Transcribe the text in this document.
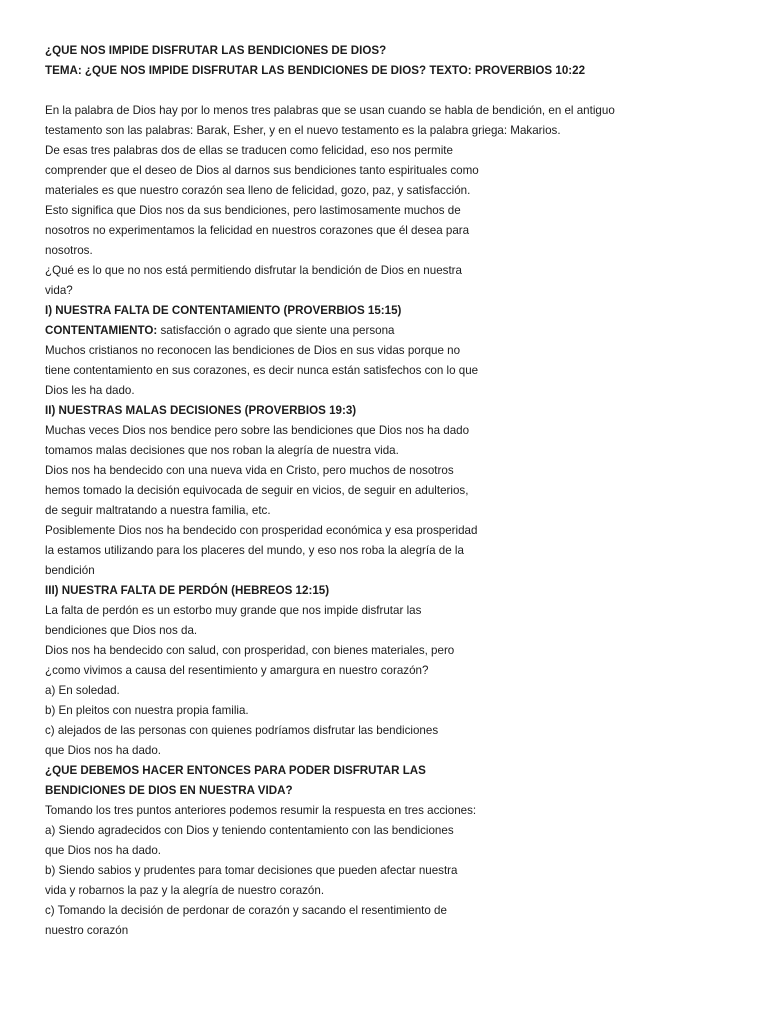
¿QUE NOS IMPIDE DISFRUTAR LAS BENDICIONES DE DIOS?
TEMA: ¿QUE NOS IMPIDE DISFRUTAR LAS BENDICIONES DE DIOS? TEXTO: PROVERBIOS 10:22
En la palabra de Dios hay por lo menos tres palabras que se usan cuando se habla de bendición, en el antiguo
testamento son las palabras: Barak, Esher, y en el nuevo testamento es la palabra griega: Makarios.
De esas tres palabras dos de ellas se traducen como felicidad, eso nos permite
comprender que el deseo de Dios al darnos sus bendiciones tanto espirituales como
materiales es que nuestro corazón sea lleno de felicidad, gozo, paz, y satisfacción.
Esto significa que Dios nos da sus bendiciones, pero lastimosamente muchos de
nosotros no experimentamos la felicidad en nuestros corazones que él desea para
nosotros.
¿Qué es lo que no nos está permitiendo disfrutar la bendición de Dios en nuestra
vida?
I) NUESTRA FALTA DE CONTENTAMIENTO (PROVERBIOS 15:15)
CONTENTAMIENTO: satisfacción o agrado que siente una persona
Muchos cristianos no reconocen las bendiciones de Dios en sus vidas porque no
tiene contentamiento en sus corazones, es decir nunca están satisfechos con lo que
Dios les ha dado.
II) NUESTRAS MALAS DECISIONES (PROVERBIOS 19:3)
Muchas veces Dios nos bendice pero sobre las bendiciones que Dios nos ha dado
tomamos malas decisiones que nos roban la alegría de nuestra vida.
Dios nos ha bendecido con una nueva vida en Cristo, pero muchos de nosotros
hemos tomado la decisión equivocada de seguir en vicios, de seguir en adulterios,
de seguir maltratando a nuestra familia, etc.
Posiblemente Dios nos ha bendecido con prosperidad económica y esa prosperidad
la estamos utilizando para los placeres del mundo, y eso nos roba la alegría de la
bendición
III) NUESTRA FALTA DE PERDÓN (HEBREOS 12:15)
La falta de perdón es un estorbo muy grande que nos impide disfrutar las
bendiciones que Dios nos da.
Dios nos ha bendecido con salud, con prosperidad, con bienes materiales, pero
¿como vivimos a causa del resentimiento y amargura en nuestro corazón?
a) En soledad.
b) En pleitos con nuestra propia familia.
c) alejados de las personas con quienes podríamos disfrutar las bendiciones
que Dios nos ha dado.
¿QUE DEBEMOS HACER ENTONCES PARA PODER DISFRUTAR LAS
BENDICIONES DE DIOS EN NUESTRA VIDA?
Tomando los tres puntos anteriores podemos resumir la respuesta en tres acciones:
a) Siendo agradecidos con Dios y teniendo contentamiento con las bendiciones
que Dios nos ha dado.
b) Siendo sabios y prudentes para tomar decisiones que pueden afectar nuestra
vida y robarnos la paz y la alegría de nuestro corazón.
c) Tomando la decisión de perdonar de corazón y sacando el resentimiento de
nuestro corazón
